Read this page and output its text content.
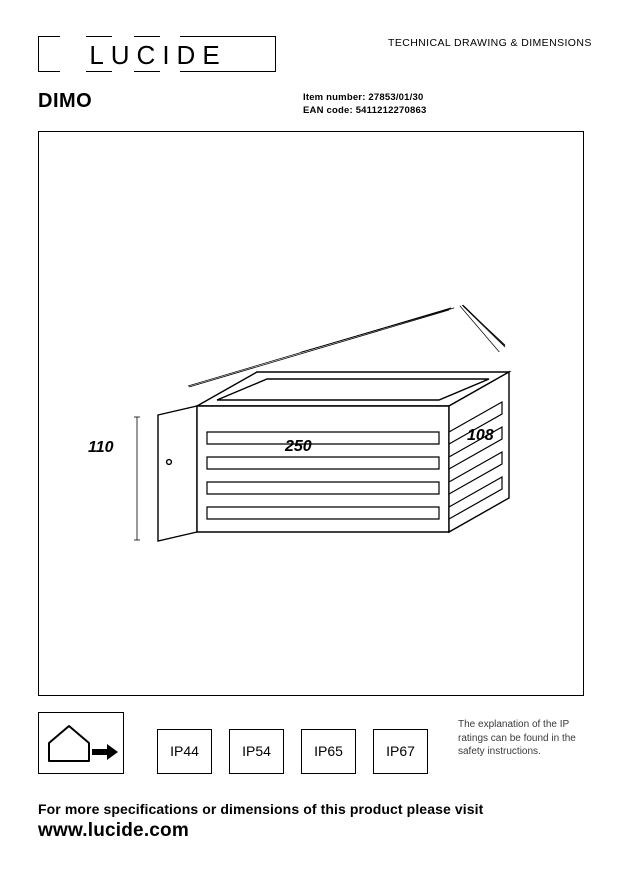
LUCIDE	TECHNICAL DRAWING & DIMENSIONS
DIMO	Item number: 27853/01/30
EAN code: 5411212270863
250
108
110
IP44	IP54	IP65	IP67
The explanation of the IP ratings can be found in the safety instructions.
For more specifications or dimensions of this product please visit
www.lucide.com
